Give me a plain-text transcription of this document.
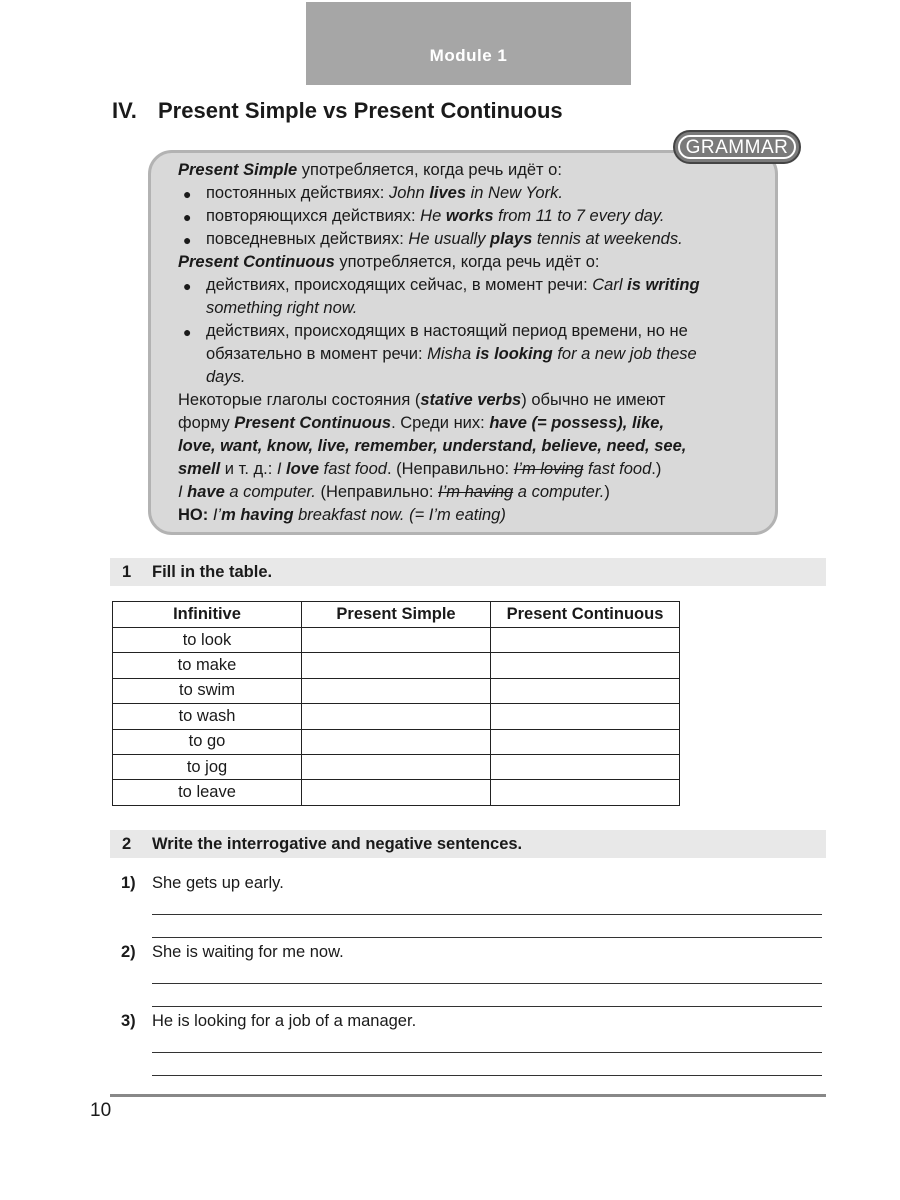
Module 1
IV. Present Simple vs Present Continuous
GRAMMAR
Present Simple употребляется, когда речь идёт о:
● постоянных действиях: John lives in New York.
● повторяющихся действиях: He works from 11 to 7 every day.
● повседневных действиях: He usually plays tennis at weekends.
Present Continuous употребляется, когда речь идёт о:
● действиях, происходящих сейчас, в момент речи: Carl is writing
something right now.
● действиях, происходящих в настоящий период времени, но не
обязательно в момент речи: Misha is looking for a new job these
days.
Некоторые глаголы состояния (stative verbs) обычно не имеют
форму Present Continuous. Среди них: have (= possess), like,
love, want, know, live, remember, understand, believe, need, see,
smell и т. д.: I love fast food. (Неправильно: I’m loving fast food.)
I have a computer. (Неправильно: I’m having a computer.)
НО: I’m having breakfast now. (= I’m eating)
1 Fill in the table.
Infinitive	Present Simple	Present Continuous
to look		
to make		
to swim		
to wash		
to go		
to jog		
to leave		
2 Write the interrogative and negative sentences.
1) She gets up early.
2) She is waiting for me now.
3) He is looking for a job of a manager.
10
